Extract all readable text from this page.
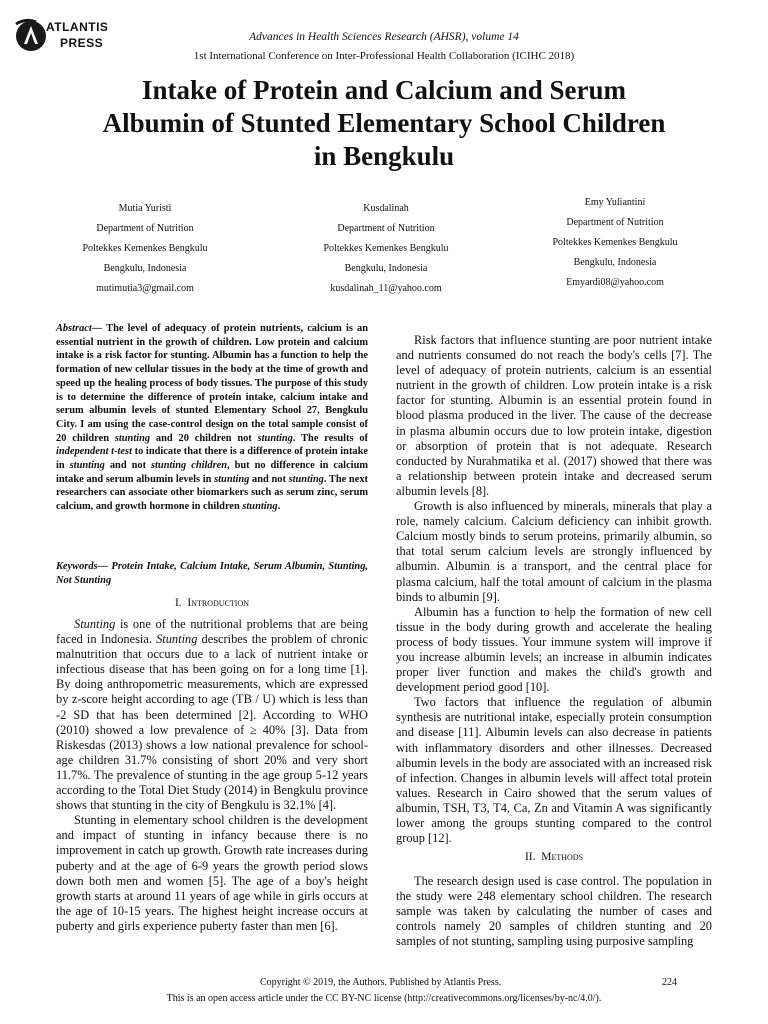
ATLANTIS
PRESS	Advances in Health Sciences Research (AHSR), volume 14
1st International Conference on Inter-Professional Health Collaboration (ICIHC 2018)
Intake of Protein and Calcium and Serum Albumin of Stunted Elementary School Children in Bengkulu
Mutia Yuristi
Department of Nutrition
Poltekkes Kemenkes Bengkulu
Bengkulu, Indonesia
mutimutia3@gmail.com
Kusdalinah
Department of Nutrition
Poltekkes Kemenkes Bengkulu
Bengkulu, Indonesia
kusdalinah_11@yahoo.com
Emy Yuliantini
Department of Nutrition
Poltekkes Kemenkes Bengkulu
Bengkulu, Indonesia
Emyardi08@yahoo.com
Abstract— The level of adequacy of protein nutrients, calcium is an essential nutrient in the growth of children. Low protein and calcium intake is a risk factor for stunting. Albumin has a function to help the formation of new cellular tissues in the body at the time of growth and speed up the healing process of body tissues. The purpose of this study is to determine the difference of protein intake, calcium intake and serum albumin levels of stunted Elementary School 27, Bengkulu City. I am using the case-control design on the total sample consist of 20 children stunting and 20 children not stunting. The results of independent t-test to indicate that there is a difference of protein intake in stunting and not stunting children, but no difference in calcium intake and serum albumin levels in stunting and not stunting. The next researchers can associate other biomarkers such as serum zinc, serum calcium, and growth hormone in children stunting.
Keywords— Protein Intake, Calcium Intake, Serum Albumin, Stunting, Not Stunting
I. Introduction

Stunting is one of the nutritional problems that are being faced in Indonesia. Stunting describes the problem of chronic malnutrition that occurs due to a lack of nutrient intake or infectious disease that has been going on for a long time [1]. By doing anthropometric measurements, which are expressed by z-score height according to age (TB / U) which is less than -2 SD that has been determined [2]. According to WHO (2010) showed a low prevalence of ≥ 40% [3]. Data from Riskesdas (2013) shows a low national prevalence for school-age children 31.7% consisting of short 20% and very short 11.7%. The prevalence of stunting in the age group 5-12 years according to the Total Diet Study (2014) in Bengkulu province shows that stunting in the city of Bengkulu is 32.1% [4].

Stunting in elementary school children is the development and impact of stunting in infancy because there is no improvement in catch up growth. Growth rate increases during puberty and at the age of 6-9 years the growth period slows down both men and women [5]. The age of a boy's height growth starts at around 11 years of age while in girls occurs at the age of 10-15 years. The highest height increase occurs at puberty and girls experience puberty faster than men [6].

Risk factors that influence stunting are poor nutrient intake and nutrients consumed do not reach the body's cells [7]. The level of adequacy of protein nutrients, calcium is an essential nutrient in the growth of children. Low protein intake is a risk factor for stunting. Albumin is an essential protein found in blood plasma produced in the liver. The cause of the decrease in plasma albumin occurs due to low protein intake, digestion or absorption of protein that is not adequate. Research conducted by Nurahmatika et al. (2017) showed that there was a relationship between protein intake and decreased serum albumin levels [8].

Growth is also influenced by minerals, minerals that play a role, namely calcium. Calcium deficiency can inhibit growth. Calcium mostly binds to serum proteins, primarily albumin, so that total serum calcium levels are strongly influenced by albumin. Albumin is a transport, and the central place for plasma calcium, half the total amount of calcium in the plasma binds to albumin [9].

Albumin has a function to help the formation of new cell tissue in the body during growth and accelerate the healing process of body tissues. Your immune system will improve if you increase albumin levels; an increase in albumin indicates proper liver function and makes the child's growth and development period good [10].

Two factors that influence the regulation of albumin synthesis are nutritional intake, especially protein consumption and disease [11]. Albumin levels can also decrease in patients with inflammatory disorders and other illnesses. Decreased albumin levels in the body are associated with an increased risk of infection. Changes in albumin levels will affect total protein values. Research in Cairo showed that the serum values of albumin, TSH, T3, T4, Ca, Zn and Vitamin A was significantly lower among the groups stunting compared to the control group [12].

II. Methods

The research design used is case control. The population in the study were 248 elementary school children. The research sample was taken by calculating the number of cases and controls namely 20 samples of children stunting and 20 samples of not stunting, sampling using purposive sampling

Copyright © 2019, the Authors. Published by Atlantis Press.	224
This is an open access article under the CC BY-NC license (http://creativecommons.org/licenses/by-nc/4.0/).
